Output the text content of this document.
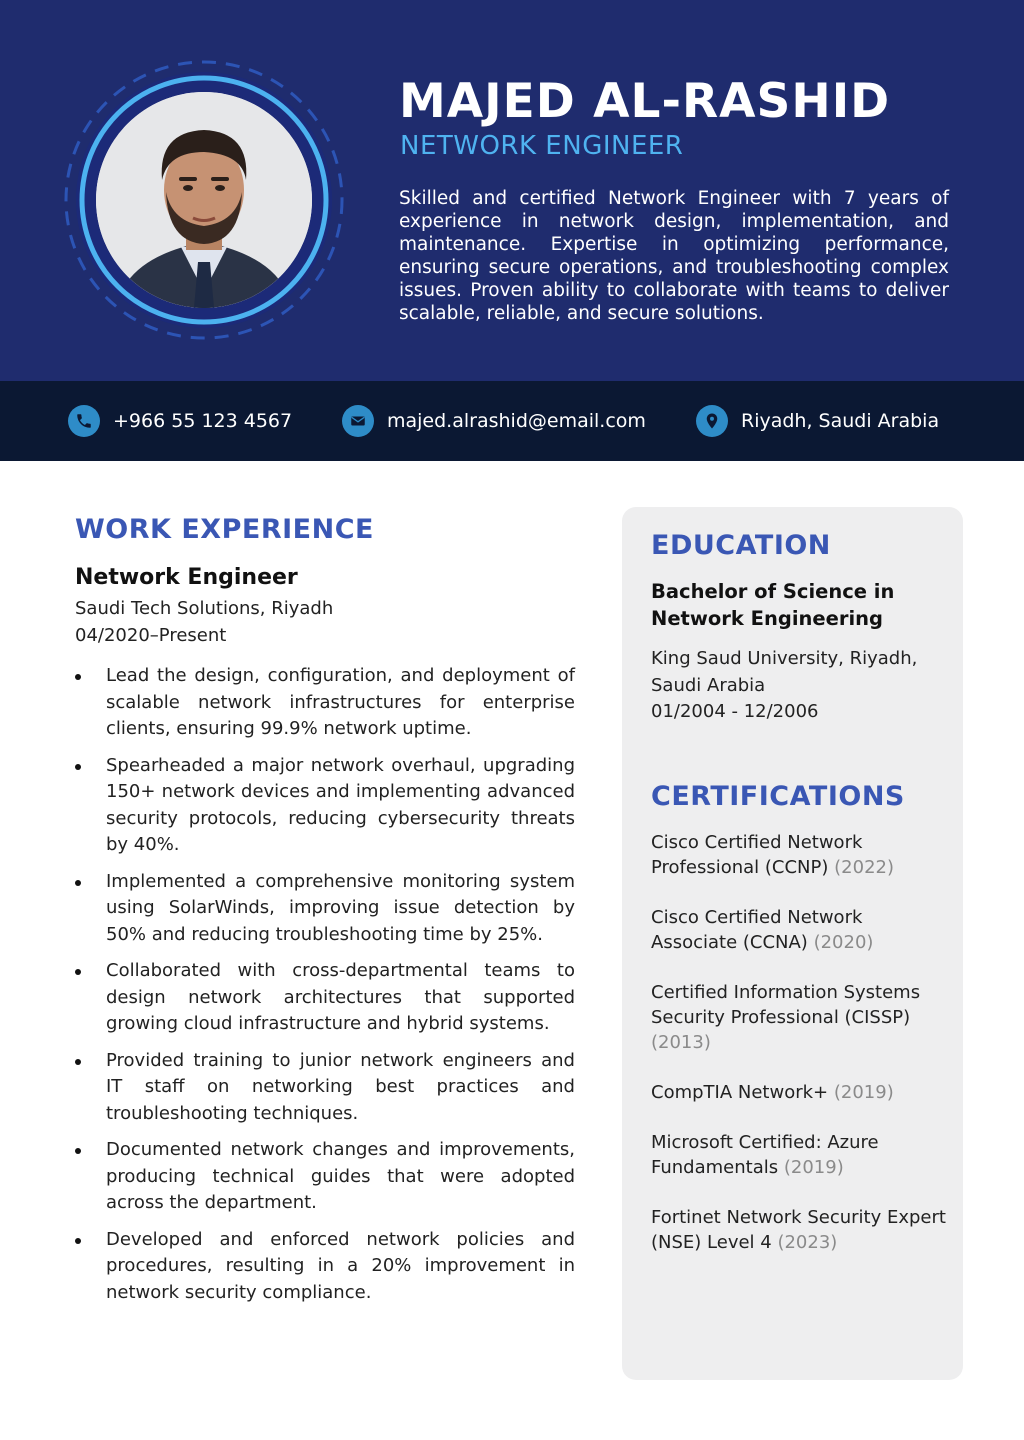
MAJED AL-RASHID
NETWORK ENGINEER
Skilled and certified Network Engineer with 7 years of experience in network design, implementation, and maintenance. Expertise in optimizing performance, ensuring secure operations, and troubleshooting complex issues. Proven ability to collaborate with teams to deliver scalable, reliable, and secure solutions.
+966 55 123 4567	majed.alrashid@email.com	Riyadh, Saudi Arabia
WORK EXPERIENCE
Network Engineer
Saudi Tech Solutions, Riyadh
04/2020–Present
Lead the design, configuration, and deployment of scalable network infrastructures for enterprise clients, ensuring 99.9% network uptime.
Spearheaded a major network overhaul, upgrading 150+ network devices and implementing advanced security protocols, reducing cybersecurity threats by 40%.
Implemented a comprehensive monitoring system using SolarWinds, improving issue detection by 50% and reducing troubleshooting time by 25%.
Collaborated with cross-departmental teams to design network architectures that supported growing cloud infrastructure and hybrid systems.
Provided training to junior network engineers and IT staff on networking best practices and troubleshooting techniques.
Documented network changes and improvements, producing technical guides that were adopted across the department.
Developed and enforced network policies and procedures, resulting in a 20% improvement in network security compliance.
EDUCATION
Bachelor of Science in Network Engineering
King Saud University, Riyadh, Saudi Arabia
01/2004 - 12/2006
CERTIFICATIONS
Cisco Certified Network Professional (CCNP) (2022)
Cisco Certified Network Associate (CCNA) (2020)
Certified Information Systems Security Professional (CISSP) (2013)
CompTIA Network+ (2019)
Microsoft Certified: Azure Fundamentals (2019)
Fortinet Network Security Expert (NSE) Level 4 (2023)
